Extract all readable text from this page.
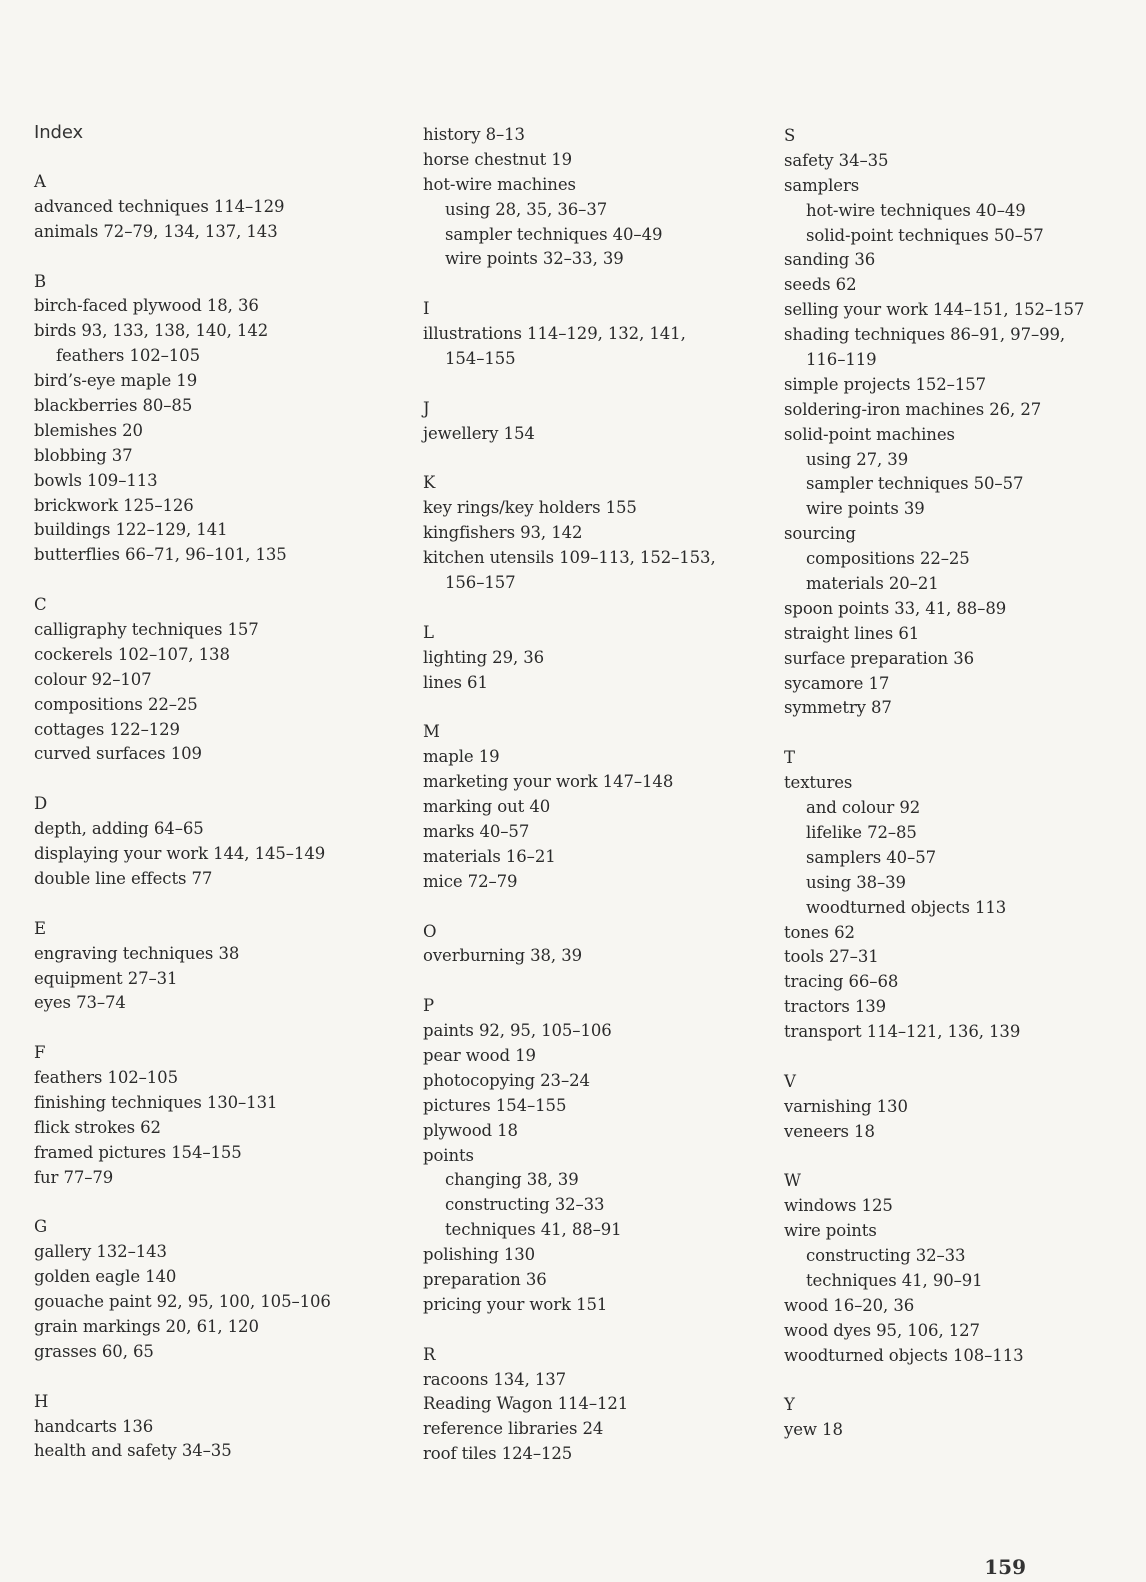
Index
A
advanced techniques 114–129
animals 72–79, 134, 137, 143
B
birch-faced plywood 18, 36
birds 93, 133, 138, 140, 142
feathers 102–105
bird’s-eye maple 19
blackberries 80–85
blemishes 20
blobbing 37
bowls 109–113
brickwork 125–126
buildings 122–129, 141
butterflies 66–71, 96–101, 135
C
calligraphy techniques 157
cockerels 102–107, 138
colour 92–107
compositions 22–25
cottages 122–129
curved surfaces 109
D
depth, adding 64–65
displaying your work 144, 145–149
double line effects 77
E
engraving techniques 38
equipment 27–31
eyes 73–74
F
feathers 102–105
finishing techniques 130–131
flick strokes 62
framed pictures 154–155
fur 77–79
G
gallery 132–143
golden eagle 140
gouache paint 92, 95, 100, 105–106
grain markings 20, 61, 120
grasses 60, 65
H
handcarts 136
health and safety 34–35
history 8–13
horse chestnut 19
hot-wire machines
using 28, 35, 36–37
sampler techniques 40–49
wire points 32–33, 39
I
illustrations 114–129, 132, 141,
154–155
J
jewellery 154
K
key rings/key holders 155
kingfishers 93, 142
kitchen utensils 109–113, 152–153,
156–157
L
lighting 29, 36
lines 61
M
maple 19
marketing your work 147–148
marking out 40
marks 40–57
materials 16–21
mice 72–79
O
overburning 38, 39
P
paints 92, 95, 105–106
pear wood 19
photocopying 23–24
pictures 154–155
plywood 18
points
changing 38, 39
constructing 32–33
techniques 41, 88–91
polishing 130
preparation 36
pricing your work 151
R
racoons 134, 137
Reading Wagon 114–121
reference libraries 24
roof tiles 124–125
S
safety 34–35
samplers
hot-wire techniques 40–49
solid-point techniques 50–57
sanding 36
seeds 62
selling your work 144–151, 152–157
shading techniques 86–91, 97–99,
116–119
simple projects 152–157
soldering-iron machines 26, 27
solid-point machines
using 27, 39
sampler techniques 50–57
wire points 39
sourcing
compositions 22–25
materials 20–21
spoon points 33, 41, 88–89
straight lines 61
surface preparation 36
sycamore 17
symmetry 87
T
textures
and colour 92
lifelike 72–85
samplers 40–57
using 38–39
woodturned objects 113
tones 62
tools 27–31
tracing 66–68
tractors 139
transport 114–121, 136, 139
V
varnishing 130
veneers 18
W
windows 125
wire points
constructing 32–33
techniques 41, 90–91
wood 16–20, 36
wood dyes 95, 106, 127
woodturned objects 108–113
Y
yew 18
159
